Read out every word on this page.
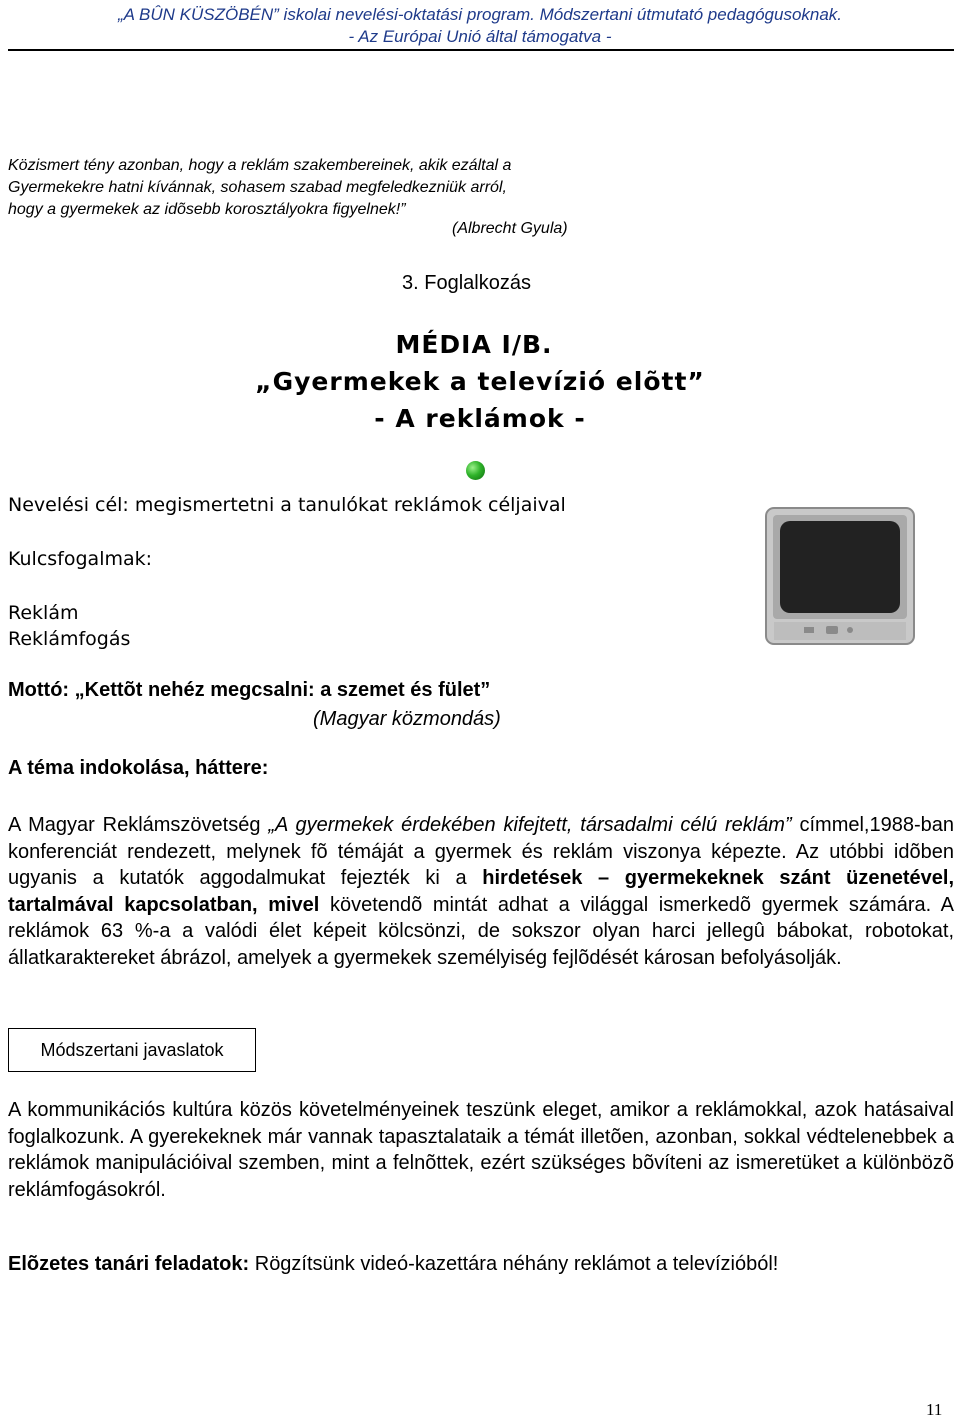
„A BÛN KÜSZÖBÉN” iskolai nevelési-oktatási program. Módszertani útmutató pedagógusoknak.
- Az Európai Unió által támogatva -
Közismert tény azonban, hogy a reklám szakembereinek, akik ezáltal a
Gyermekekre hatni kívánnak, sohasem szabad megfeledkezniük arról,
hogy a gyermekek az idõsebb korosztályokra figyelnek!”
(Albrecht Gyula)
3. Foglalkozás
MÉDIA I/B.
„Gyermekek a televízió elõtt”
- A reklámok -
Nevelési cél: megismertetni a tanulókat reklámok céljaival
Kulcsfogalmak:
Reklám
Reklámfogás
Mottó: „Kettõt nehéz megcsalni: a szemet és fület”
(Magyar közmondás)
A téma indokolása, háttere:
A Magyar Reklámszövetség „A gyermekek érdekében kifejtett, társadalmi célú reklám” címmel,1988-ban konferenciát rendezett, melynek fõ témáját a gyermek és reklám viszonya képezte. Az utóbbi idõben ugyanis a kutatók aggodalmukat fejezték ki a hirdetések – gyermekeknek szánt üzenetével, tartalmával kapcsolatban, mivel követendõ mintát adhat a világgal ismerkedõ gyermek számára. A reklámok 63 %-a a valódi élet képeit kölcsönzi, de sokszor olyan harci jellegû bábokat, robotokat, állatkaraktereket ábrázol, amelyek a gyermekek személyiség fejlõdését károsan befolyásolják.
Módszertani javaslatok
A kommunikációs kultúra közös követelményeinek teszünk eleget, amikor a reklámokkal, azok hatásaival foglalkozunk. A gyerekeknek már vannak tapasztalataik a témát illetõen, azonban, sokkal védtelenebbek a reklámok manipulációival szemben, mint a felnõttek, ezért szükséges bõvíteni az ismeretüket a különbözõ reklámfogásokról.
Elõzetes tanári feladatok: Rögzítsünk videó-kazettára néhány reklámot a televízióból!
11
